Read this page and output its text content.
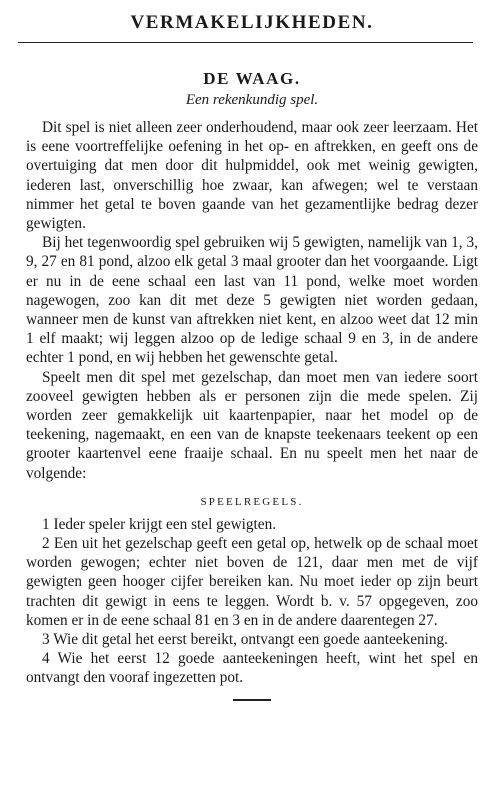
VERMAKELIJKHEDEN.
DE WAAG.
Een rekenkundig spel.

Dit spel is niet alleen zeer onderhoudend, maar ook zeer leerzaam. Het is eene voortreffelijke oefening in het op- en aftrekken, en geeft ons de overtuiging dat men door dit hulpmiddel, ook met weinig gewigten, iederen last, onverschillig hoe zwaar, kan afwegen; wel te verstaan nimmer het getal te boven gaande van het gezamentlijke bedrag dezer gewigten.

Bij het tegenwoordig spel gebruiken wij 5 gewigten, namelijk van 1, 3, 9, 27 en 81 pond, alzoo elk getal 3 maal grooter dan het voorgaande. Ligt er nu in de eene schaal een last van 11 pond, welke moet worden nagewogen, zoo kan dit met deze 5 gewigten niet worden gedaan, wanneer men de kunst van aftrekken niet kent, en alzoo weet dat 12 min 1 elf maakt; wij leggen alzoo op de ledige schaal 9 en 3, in de andere echter 1 pond, en wij hebben het gewenschte getal.

Speelt men dit spel met gezelschap, dan moet men van iedere soort zooveel gewigten hebben als er personen zijn die mede spelen. Zij worden zeer gemakkelijk uit kaartenpapier, naar het model op de teekening, nagemaakt, en een van de knapste teekenaars teekent op een grooter kaartenvel eene fraaije schaal. En nu speelt men het naar de volgende:

SPEELREGELS.

1 Ieder speler krijgt een stel gewigten.

2 Een uit het gezelschap geeft een getal op, hetwelk op de schaal moet worden gewogen; echter niet boven de 121, daar men met de vijf gewigten geen hooger cijfer bereiken kan. Nu moet ieder op zijn beurt trachten dit gewigt in eens te leggen. Wordt b. v. 57 opgegeven, zoo komen er in de eene schaal 81 en 3 en in de andere daarentegen 27.

3 Wie dit getal het eerst bereikt, ontvangt een goede aanteekening.

4 Wie het eerst 12 goede aanteekeningen heeft, wint het spel en ontvangt den vooraf ingezetten pot.
